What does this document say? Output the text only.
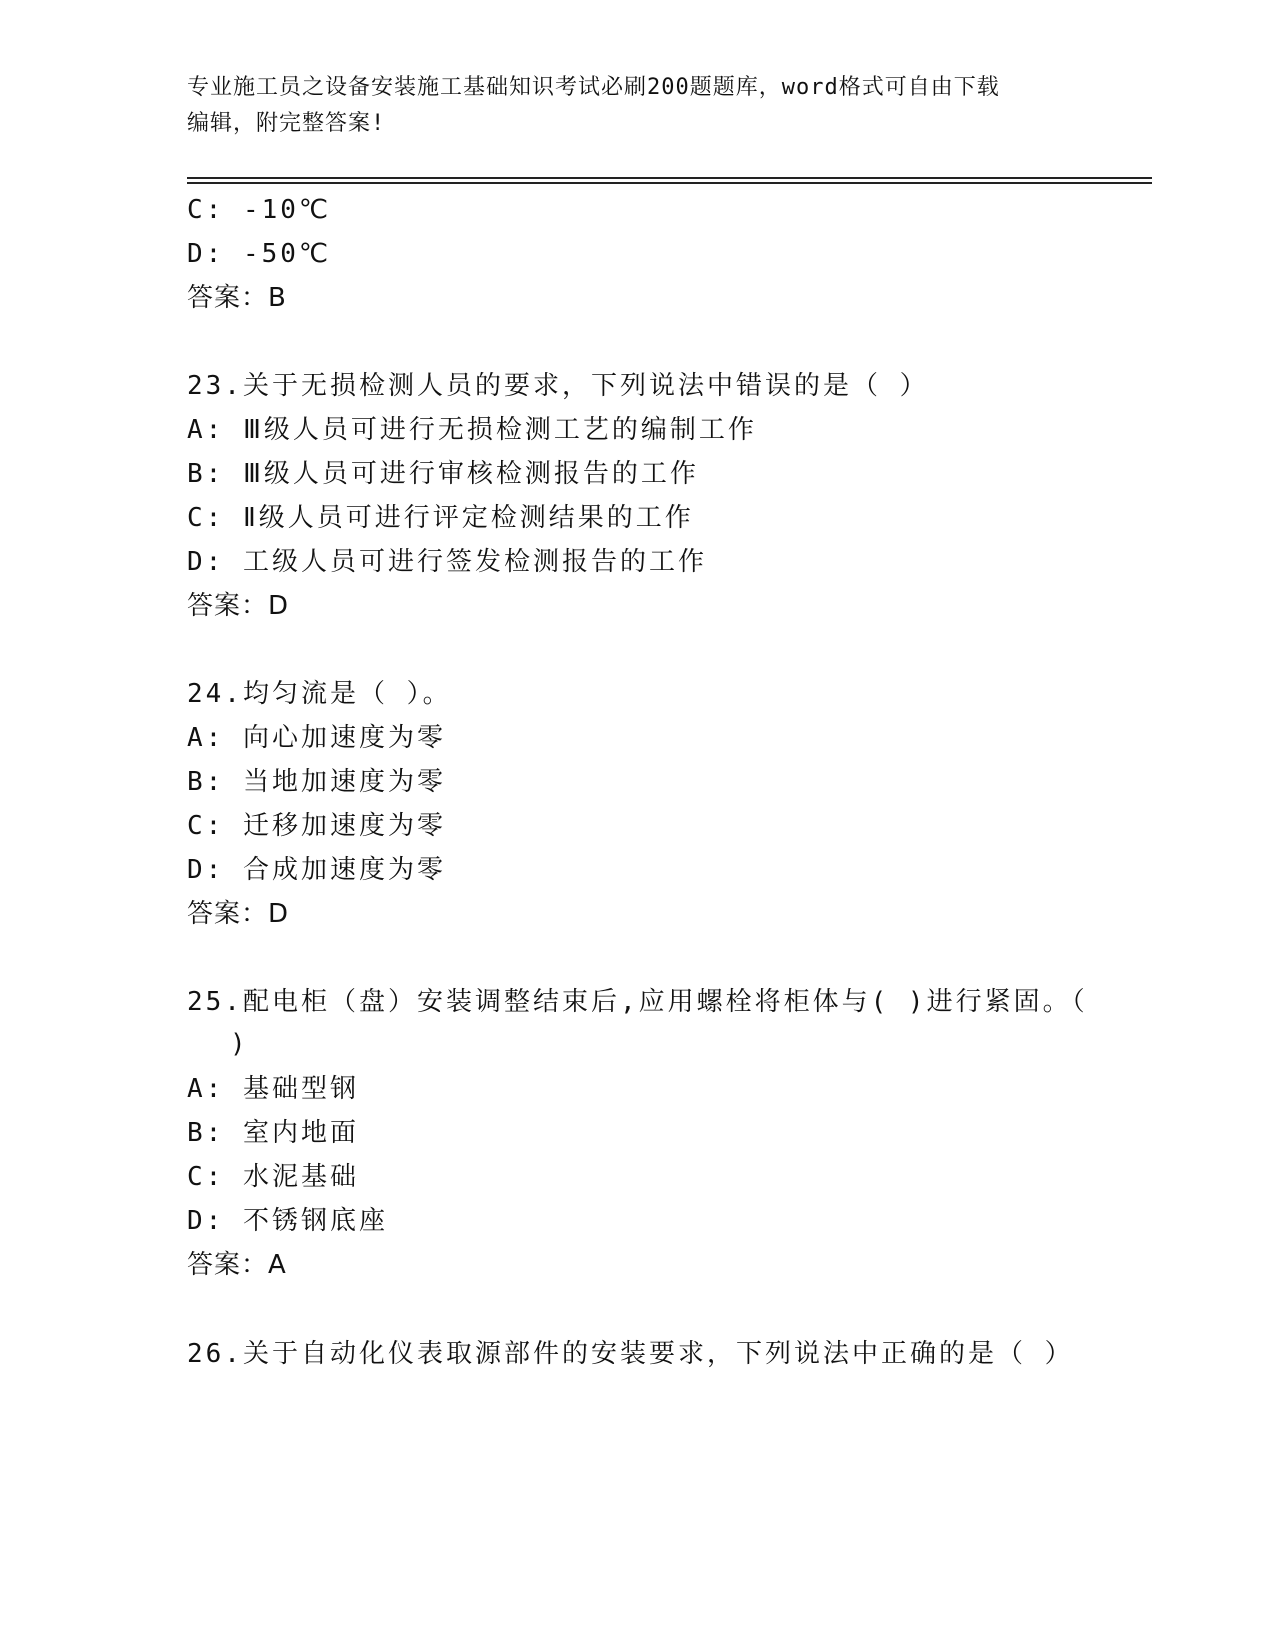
专业施工员之设备安装施工基础知识考试必刷200题题库，word格式可自由下载
编辑，附完整答案!
C: -10℃
D: -50℃
答案：B
23.关于无损检测人员的要求，下列说法中错误的是（ ）
A: Ⅲ级人员可进行无损检测工艺的编制工作
B: Ⅲ级人员可进行审核检测报告的工作
C: Ⅱ级人员可进行评定检测结果的工作
D: 工级人员可进行签发检测报告的工作
答案：D
24.均匀流是（ ）。
A: 向心加速度为零
B: 当地加速度为零
C: 迁移加速度为零
D: 合成加速度为零
答案：D
25.配电柜（盘）安装调整结束后,应用螺栓将柜体与( )进行紧固。（
)
A: 基础型钢
B: 室内地面
C: 水泥基础
D: 不锈钢底座
答案：A
26.关于自动化仪表取源部件的安装要求，下列说法中正确的是（ ）
